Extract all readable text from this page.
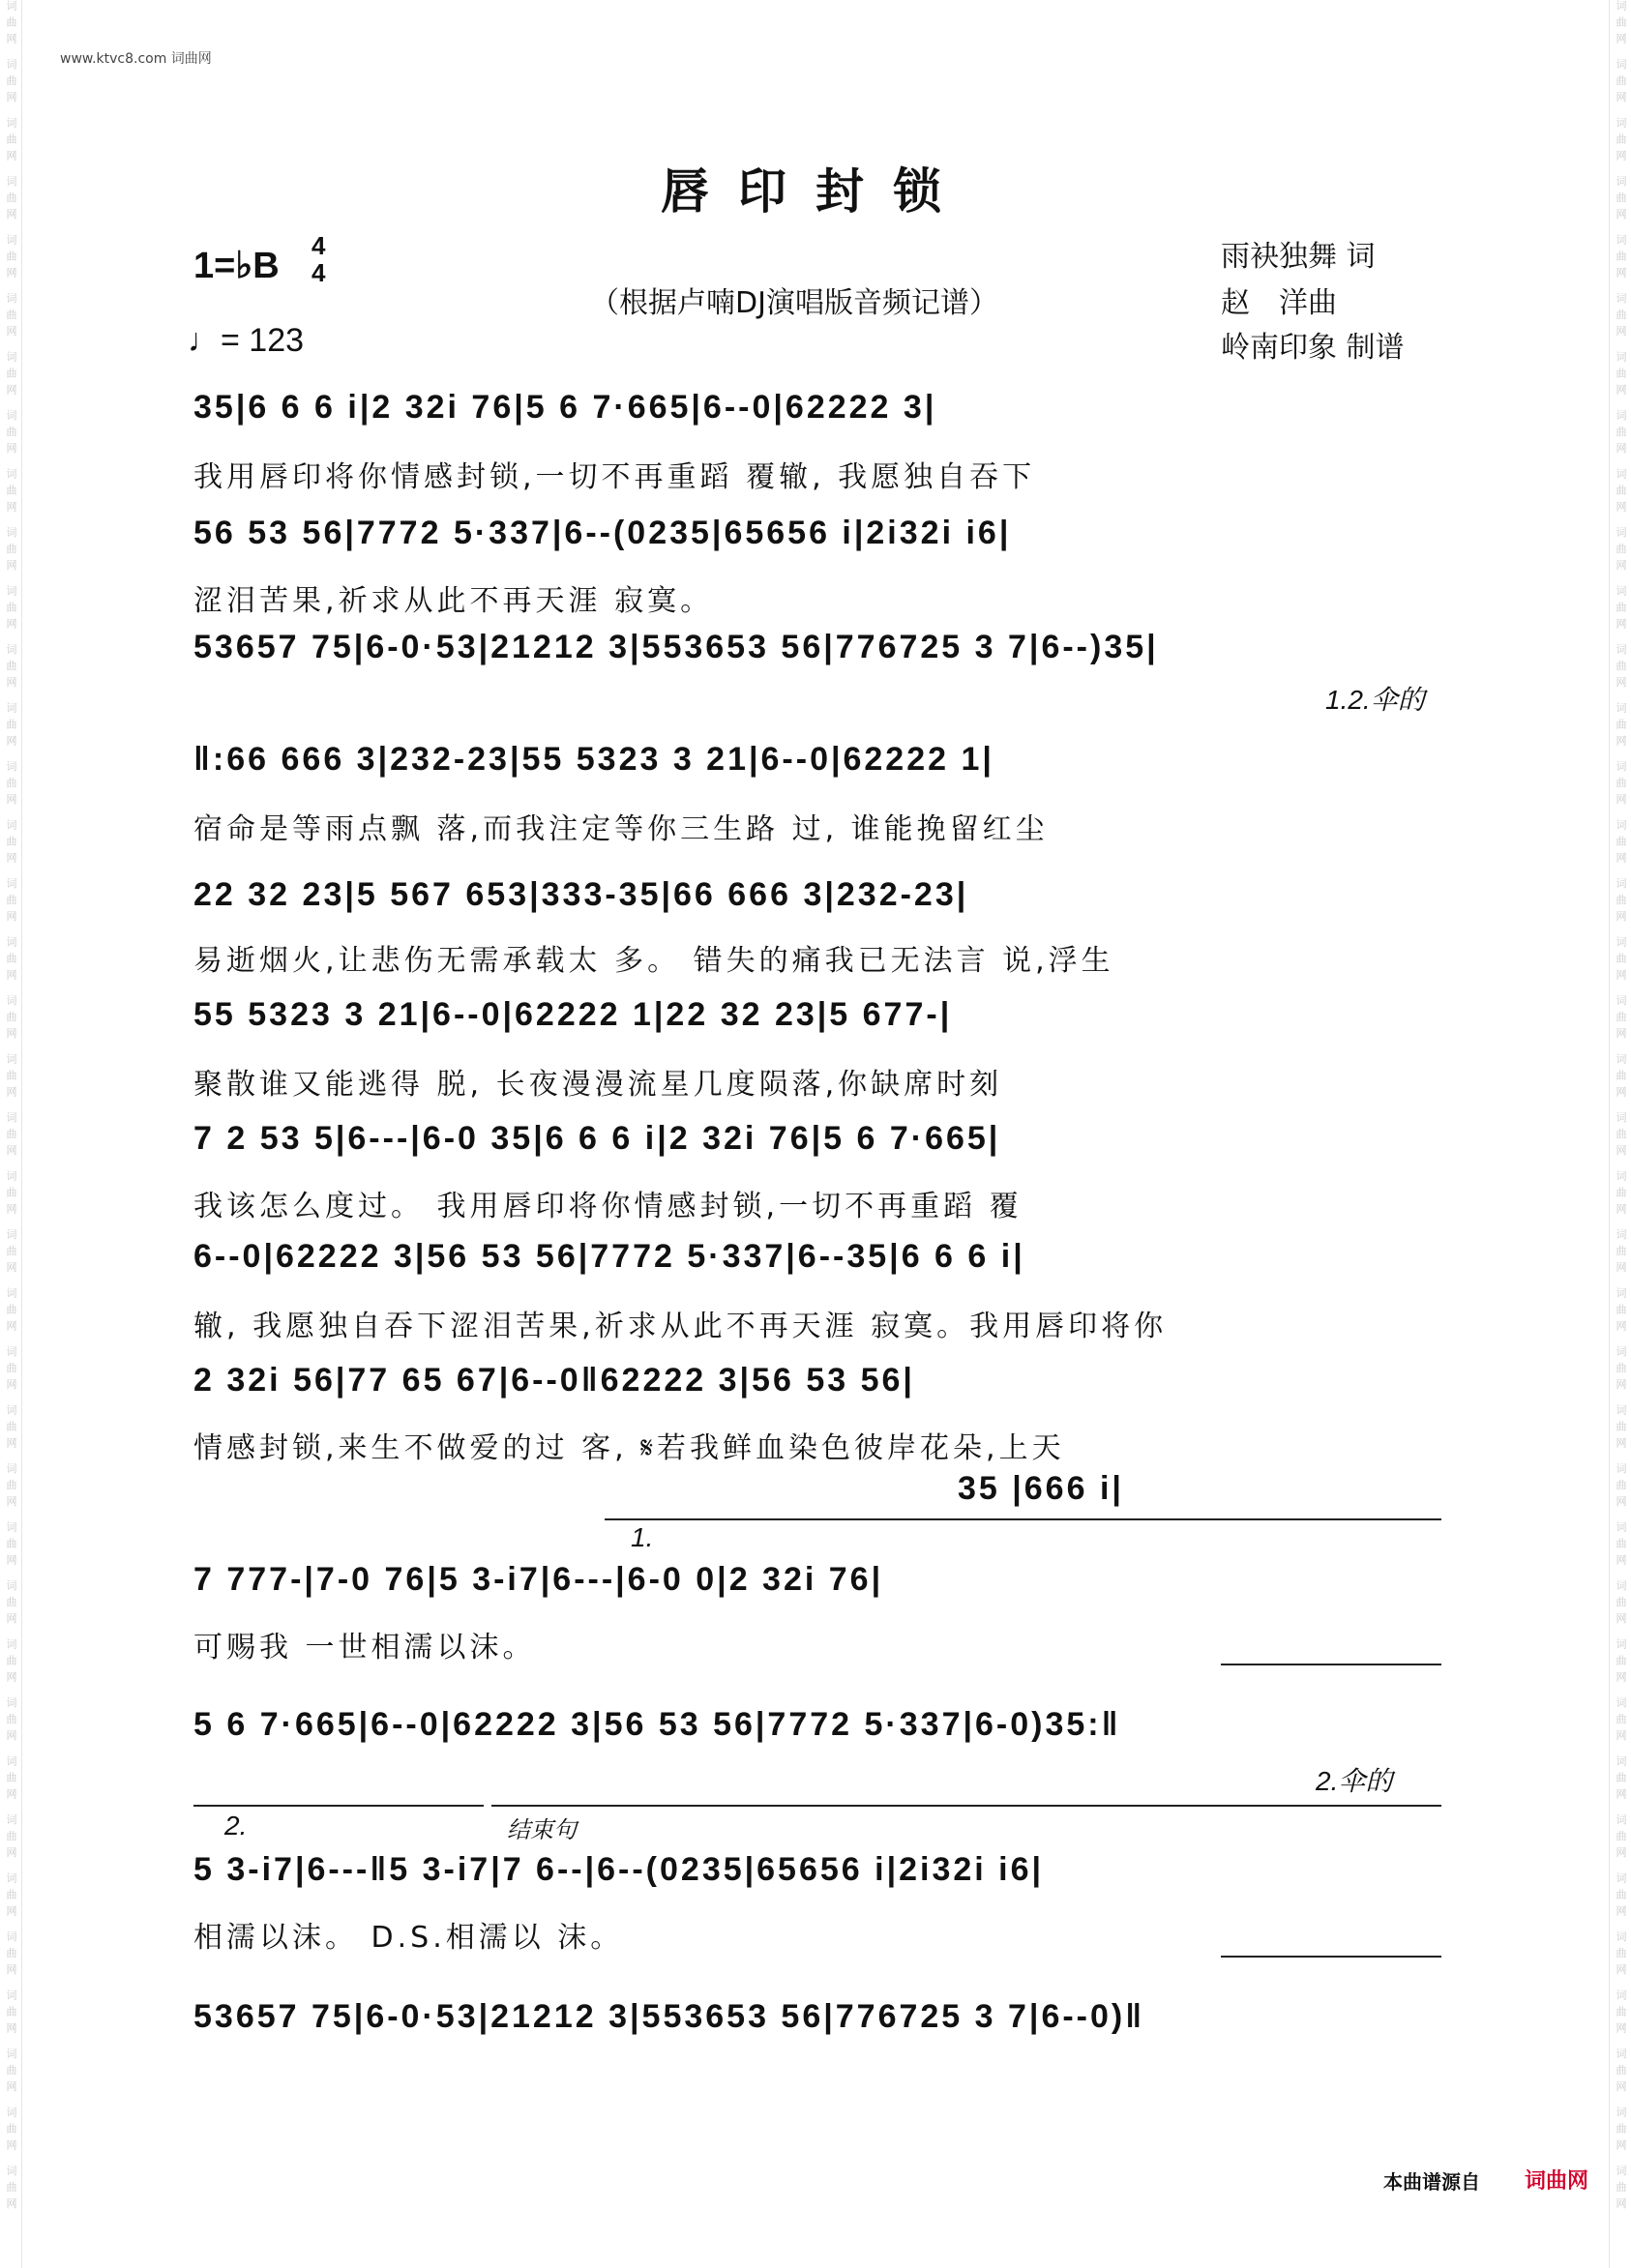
词曲网 词曲网 词曲网 词曲网 词曲网 词曲网 词曲网 词曲网 词曲网 词曲网 词曲网 词曲网 词曲网 词曲网 词曲网 词曲网 词曲网 词曲网 词曲网 词曲网 词曲网 词曲网 词曲网 词曲网 词曲网 词曲网 词曲网 词曲网 词曲网 词曲网 词曲网 词曲网 词曲网 词曲网 词曲网 词曲网 词曲网 词曲网	词曲网 词曲网 词曲网 词曲网 词曲网 词曲网 词曲网 词曲网 词曲网 词曲网 词曲网 词曲网 词曲网 词曲网 词曲网 词曲网 词曲网 词曲网 词曲网 词曲网 词曲网 词曲网 词曲网 词曲网 词曲网 词曲网 词曲网 词曲网 词曲网 词曲网 词曲网 词曲网 词曲网 词曲网 词曲网 词曲网 词曲网 词曲网
www.ktvc8.com 词曲网
唇印封锁
1=♭B 4
4
♩= 123
（根据卢喃DJ演唱版音频记谱）
雨袂独舞 词
赵　洋曲
岭南印象 制谱
35|6 6 6 i|2 32i 76|5 6 7·665|6--0|62222 3|
我用唇印将你情感封锁,一切不再重蹈 覆辙, 我愿独自吞下
56 53 56|7772 5·337|6--(0235|65656 i|2i32i i6|
涩泪苦果,祈求从此不再天涯 寂寞。
53657 75|6-0·53|21212 3|553653 56|776725 3 7|6--)35|
1.2.伞的
‖:66 666 3|232-23|55 5323 3 21|6--0|62222 1|
宿命是等雨点飘 落,而我注定等你三生路 过, 谁能挽留红尘
22 32 23|5 567 653|333-35|66 666 3|232-23|
易逝烟火,让悲伤无需承载太 多。 错失的痛我已无法言 说,浮生
55 5323 3 21|6--0|62222 1|22 32 23|5 677-|
聚散谁又能逃得 脱, 长夜漫漫流星几度陨落,你缺席时刻
7 2 53 5|6---|6-0 35|6 6 6 i|2 32i 76|5 6 7·665|
我该怎么度过。 我用唇印将你情感封锁,一切不再重蹈 覆
6--0|62222 3|56 53 56|7772 5·337|6--35|6 6 6 i|
辙, 我愿独自吞下涩泪苦果,祈求从此不再天涯 寂寞。我用唇印将你
2 32i 56|77 65 67|6--0‖62222 3|56 53 56|
情感封锁,来生不做爱的过 客, 𝄋若我鲜血染色彼岸花朵,上天
35 |666 i|
1.
7 777-|7-0 76|5 3-i7|6---|6-0 0|2 32i 76|
可赐我 一世相濡以沫。
5 6 7·665|6--0|62222 3|56 53 56|7772 5·337|6-0)35:‖
2.伞的
2.	结束句
5 3-i7|6---‖5 3-i7|7 6--|6--(0235|65656 i|2i32i i6|
相濡以沫。 D.S.相濡以 沫。
53657 75|6-0·53|21212 3|553653 56|776725 3 7|6--0)‖
本曲谱源自 词曲网
